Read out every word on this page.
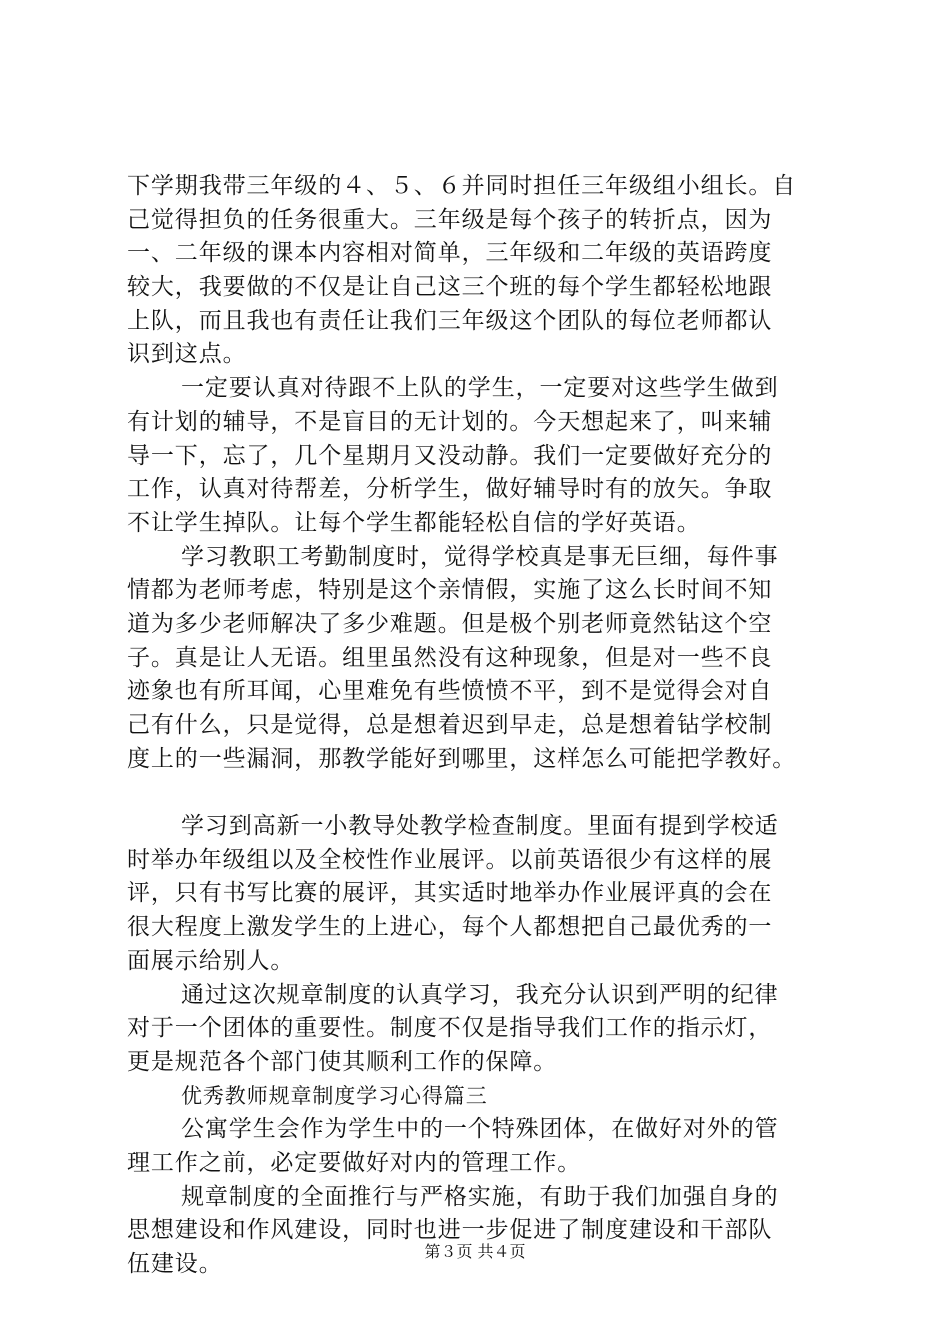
下学期我带三年级的４、５、６并同时担任三年级组小组长。自
己觉得担负的任务很重大。三年级是每个孩子的转折点，因为
一、二年级的课本内容相对简单，三年级和二年级的英语跨度
较大，我要做的不仅是让自己这三个班的每个学生都轻松地跟
上队，而且我也有责任让我们三年级这个团队的每位老师都认
识到这点。
一定要认真对待跟不上队的学生，一定要对这些学生做到
有计划的辅导，不是盲目的无计划的。今天想起来了，叫来辅
导一下，忘了，几个星期月又没动静。我们一定要做好充分的
工作，认真对待帮差，分析学生，做好辅导时有的放矢。争取
不让学生掉队。让每个学生都能轻松自信的学好英语。
学习教职工考勤制度时，觉得学校真是事无巨细，每件事
情都为老师考虑，特别是这个亲情假，实施了这么长时间不知
道为多少老师解决了多少难题。但是极个别老师竟然钻这个空
子。真是让人无语。组里虽然没有这种现象，但是对一些不良
迹象也有所耳闻，心里难免有些愤愤不平，到不是觉得会对自
己有什么，只是觉得，总是想着迟到早走，总是想着钻学校制
度上的一些漏洞，那教学能好到哪里，这样怎么可能把学教好。
学习到高新一小教导处教学检查制度。里面有提到学校适
时举办年级组以及全校性作业展评。以前英语很少有这样的展
评，只有书写比赛的展评，其实适时地举办作业展评真的会在
很大程度上激发学生的上进心，每个人都想把自己最优秀的一
面展示给别人。
通过这次规章制度的认真学习，我充分认识到严明的纪律
对于一个团体的重要性。制度不仅是指导我们工作的指示灯，
更是规范各个部门使其顺利工作的保障。
优秀教师规章制度学习心得篇三
公寓学生会作为学生中的一个特殊团体，在做好对外的管
理工作之前，必定要做好对内的管理工作。
规章制度的全面推行与严格实施，有助于我们加强自身的
思想建设和作风建设，同时也进一步促进了制度建设和干部队
伍建设。	第３页 共４页
